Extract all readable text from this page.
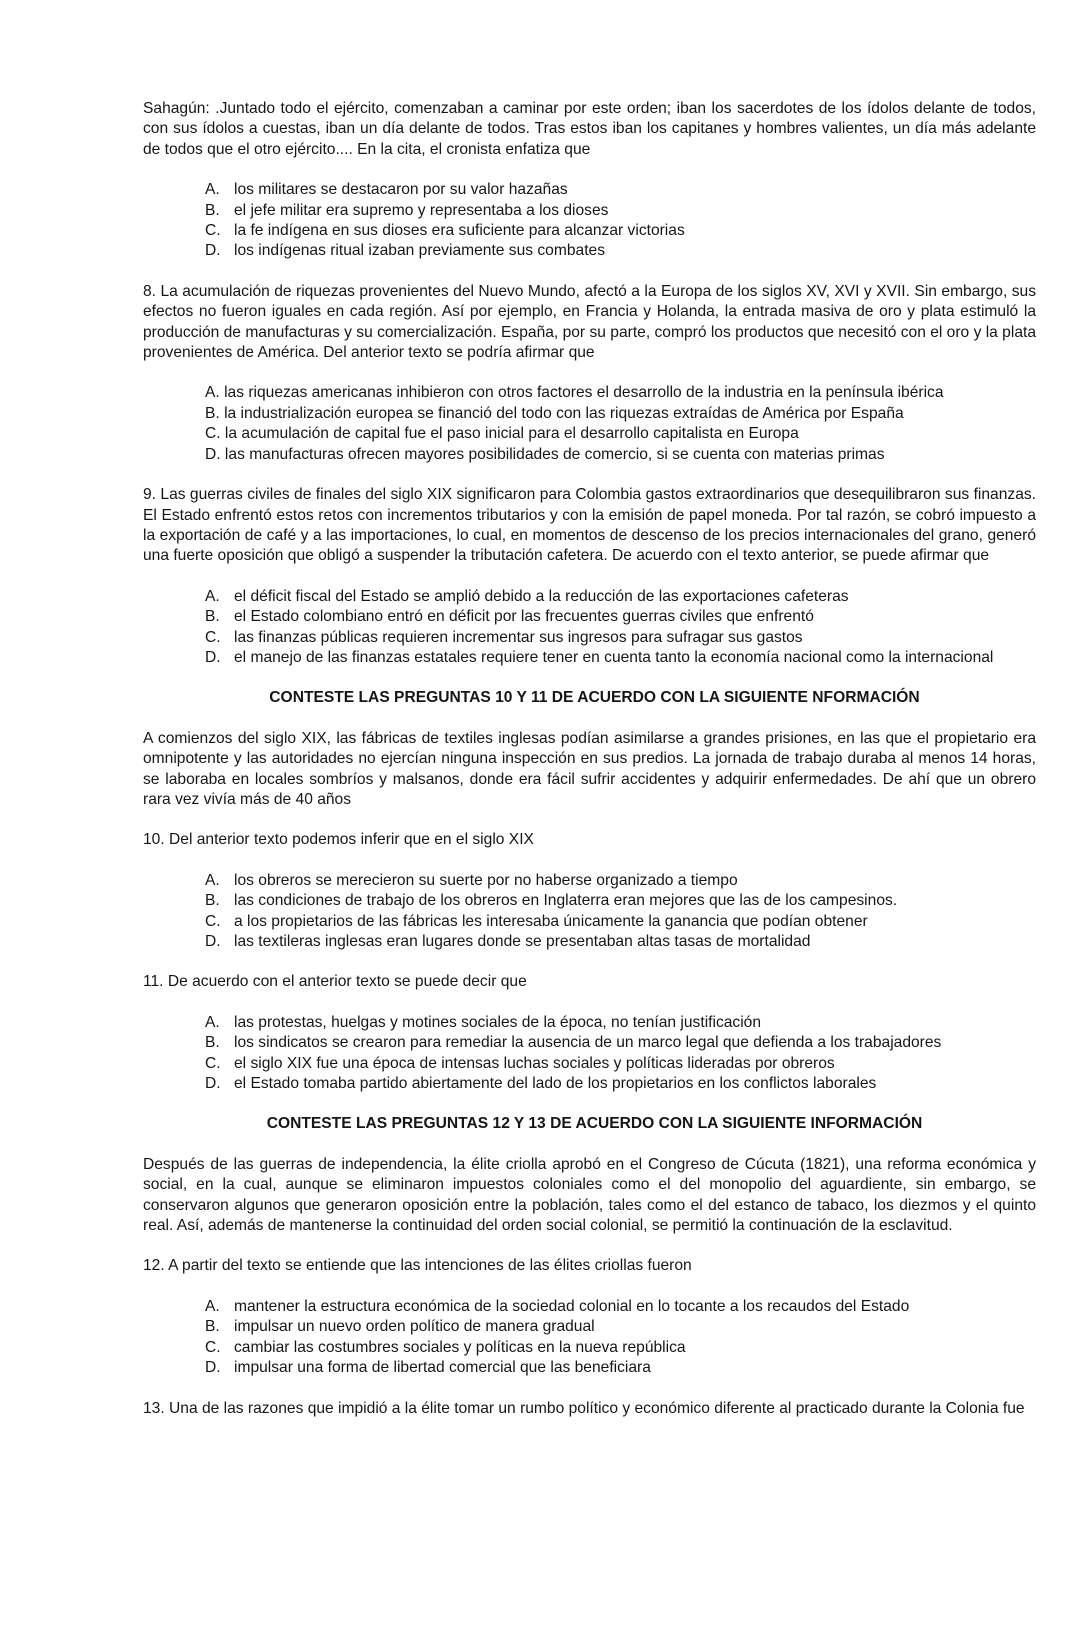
Sahagún: .Juntado todo el ejército, comenzaban a caminar por este orden; iban los sacerdotes de los ídolos delante de todos, con sus ídolos a cuestas, iban un día delante de todos. Tras estos iban los capitanes y hombres valientes, un día más adelante de todos que el otro ejército.... En la cita, el cronista enfatiza que

A. los militares se destacaron por su valor hazañas
B. el jefe militar era supremo y representaba a los dioses
C. la fe indígena en sus dioses era suficiente para alcanzar victorias
D. los indígenas ritual izaban previamente sus combates

8. La acumulación de riquezas provenientes del Nuevo Mundo, afectó a la Europa de los siglos XV, XVI y XVII. Sin embargo, sus efectos no fueron iguales en cada región. Así por ejemplo, en Francia y Holanda, la entrada masiva de oro y plata estimuló la producción de manufacturas y su comercialización. España, por su parte, compró los productos que necesitó con el oro y la plata provenientes de América. Del anterior texto se podría afirmar que

A. las riquezas americanas inhibieron con otros factores el desarrollo de la industria en la península ibérica
B. la industrialización europea se financió del todo con las riquezas extraídas de América por España
C. la acumulación de capital fue el paso inicial para el desarrollo capitalista en Europa
D. las manufacturas ofrecen mayores posibilidades de comercio, si se cuenta con materias primas

9. Las guerras civiles de finales del siglo XIX significaron para Colombia gastos extraordinarios que desequilibraron sus finanzas. El Estado enfrentó estos retos con incrementos tributarios y con la emisión de papel moneda. Por tal razón, se cobró impuesto a la exportación de café y a las importaciones, lo cual, en momentos de descenso de los precios internacionales del grano, generó una fuerte oposición que obligó a suspender la tributación cafetera. De acuerdo con el texto anterior, se puede afirmar que

A. el déficit fiscal del Estado se amplió debido a la reducción de las exportaciones cafeteras
B. el Estado colombiano entró en déficit por las frecuentes guerras civiles que enfrentó
C. las finanzas públicas requieren incrementar sus ingresos para sufragar sus gastos
D. el manejo de las finanzas estatales requiere tener en cuenta tanto la economía nacional como la internacional

CONTESTE LAS PREGUNTAS 10 Y 11 DE ACUERDO CON LA SIGUIENTE NFORMACIÓN

A comienzos del siglo XIX, las fábricas de textiles inglesas podían asimilarse a grandes prisiones, en las que el propietario era omnipotente y las autoridades no ejercían ninguna inspección en sus predios. La jornada de trabajo duraba al menos 14 horas, se laboraba en locales sombríos y malsanos, donde era fácil sufrir accidentes y adquirir enfermedades. De ahí que un obrero rara vez vivía más de 40 años

10. Del anterior texto podemos inferir que en el siglo XIX

A. los obreros se merecieron su suerte por no haberse organizado a tiempo
B. las condiciones de trabajo de los obreros en Inglaterra eran mejores que las de los campesinos.
C. a los propietarios de las fábricas les interesaba únicamente la ganancia que podían obtener
D. las textileras inglesas eran lugares donde se presentaban altas tasas de mortalidad

11. De acuerdo con el anterior texto se puede decir que

A. las protestas, huelgas y motines sociales de la época, no tenían justificación
B. los sindicatos se crearon para remediar la ausencia de un marco legal que defienda a los trabajadores
C. el siglo XIX fue una época de intensas luchas sociales y políticas lideradas por obreros
D. el Estado tomaba partido abiertamente del lado de los propietarios en los conflictos laborales

CONTESTE LAS PREGUNTAS 12 Y 13 DE ACUERDO CON LA SIGUIENTE INFORMACIÓN

Después de las guerras de independencia, la élite criolla aprobó en el Congreso de Cúcuta (1821), una reforma económica y social, en la cual, aunque se eliminaron impuestos coloniales como el del monopolio del aguardiente, sin embargo, se conservaron algunos que generaron oposición entre la población, tales como el del estanco de tabaco, los diezmos y el quinto real. Así, además de mantenerse la continuidad del orden social colonial, se permitió la continuación de la esclavitud.

12. A partir del texto se entiende que las intenciones de las élites criollas fueron

A. mantener la estructura económica de la sociedad colonial en lo tocante a los recaudos del Estado
B. impulsar un nuevo orden político de manera gradual
C. cambiar las costumbres sociales y políticas en la nueva república
D. impulsar una forma de libertad comercial que las beneficiara

13. Una de las razones que impidió a la élite tomar un rumbo político y económico diferente al practicado durante la Colonia fue
